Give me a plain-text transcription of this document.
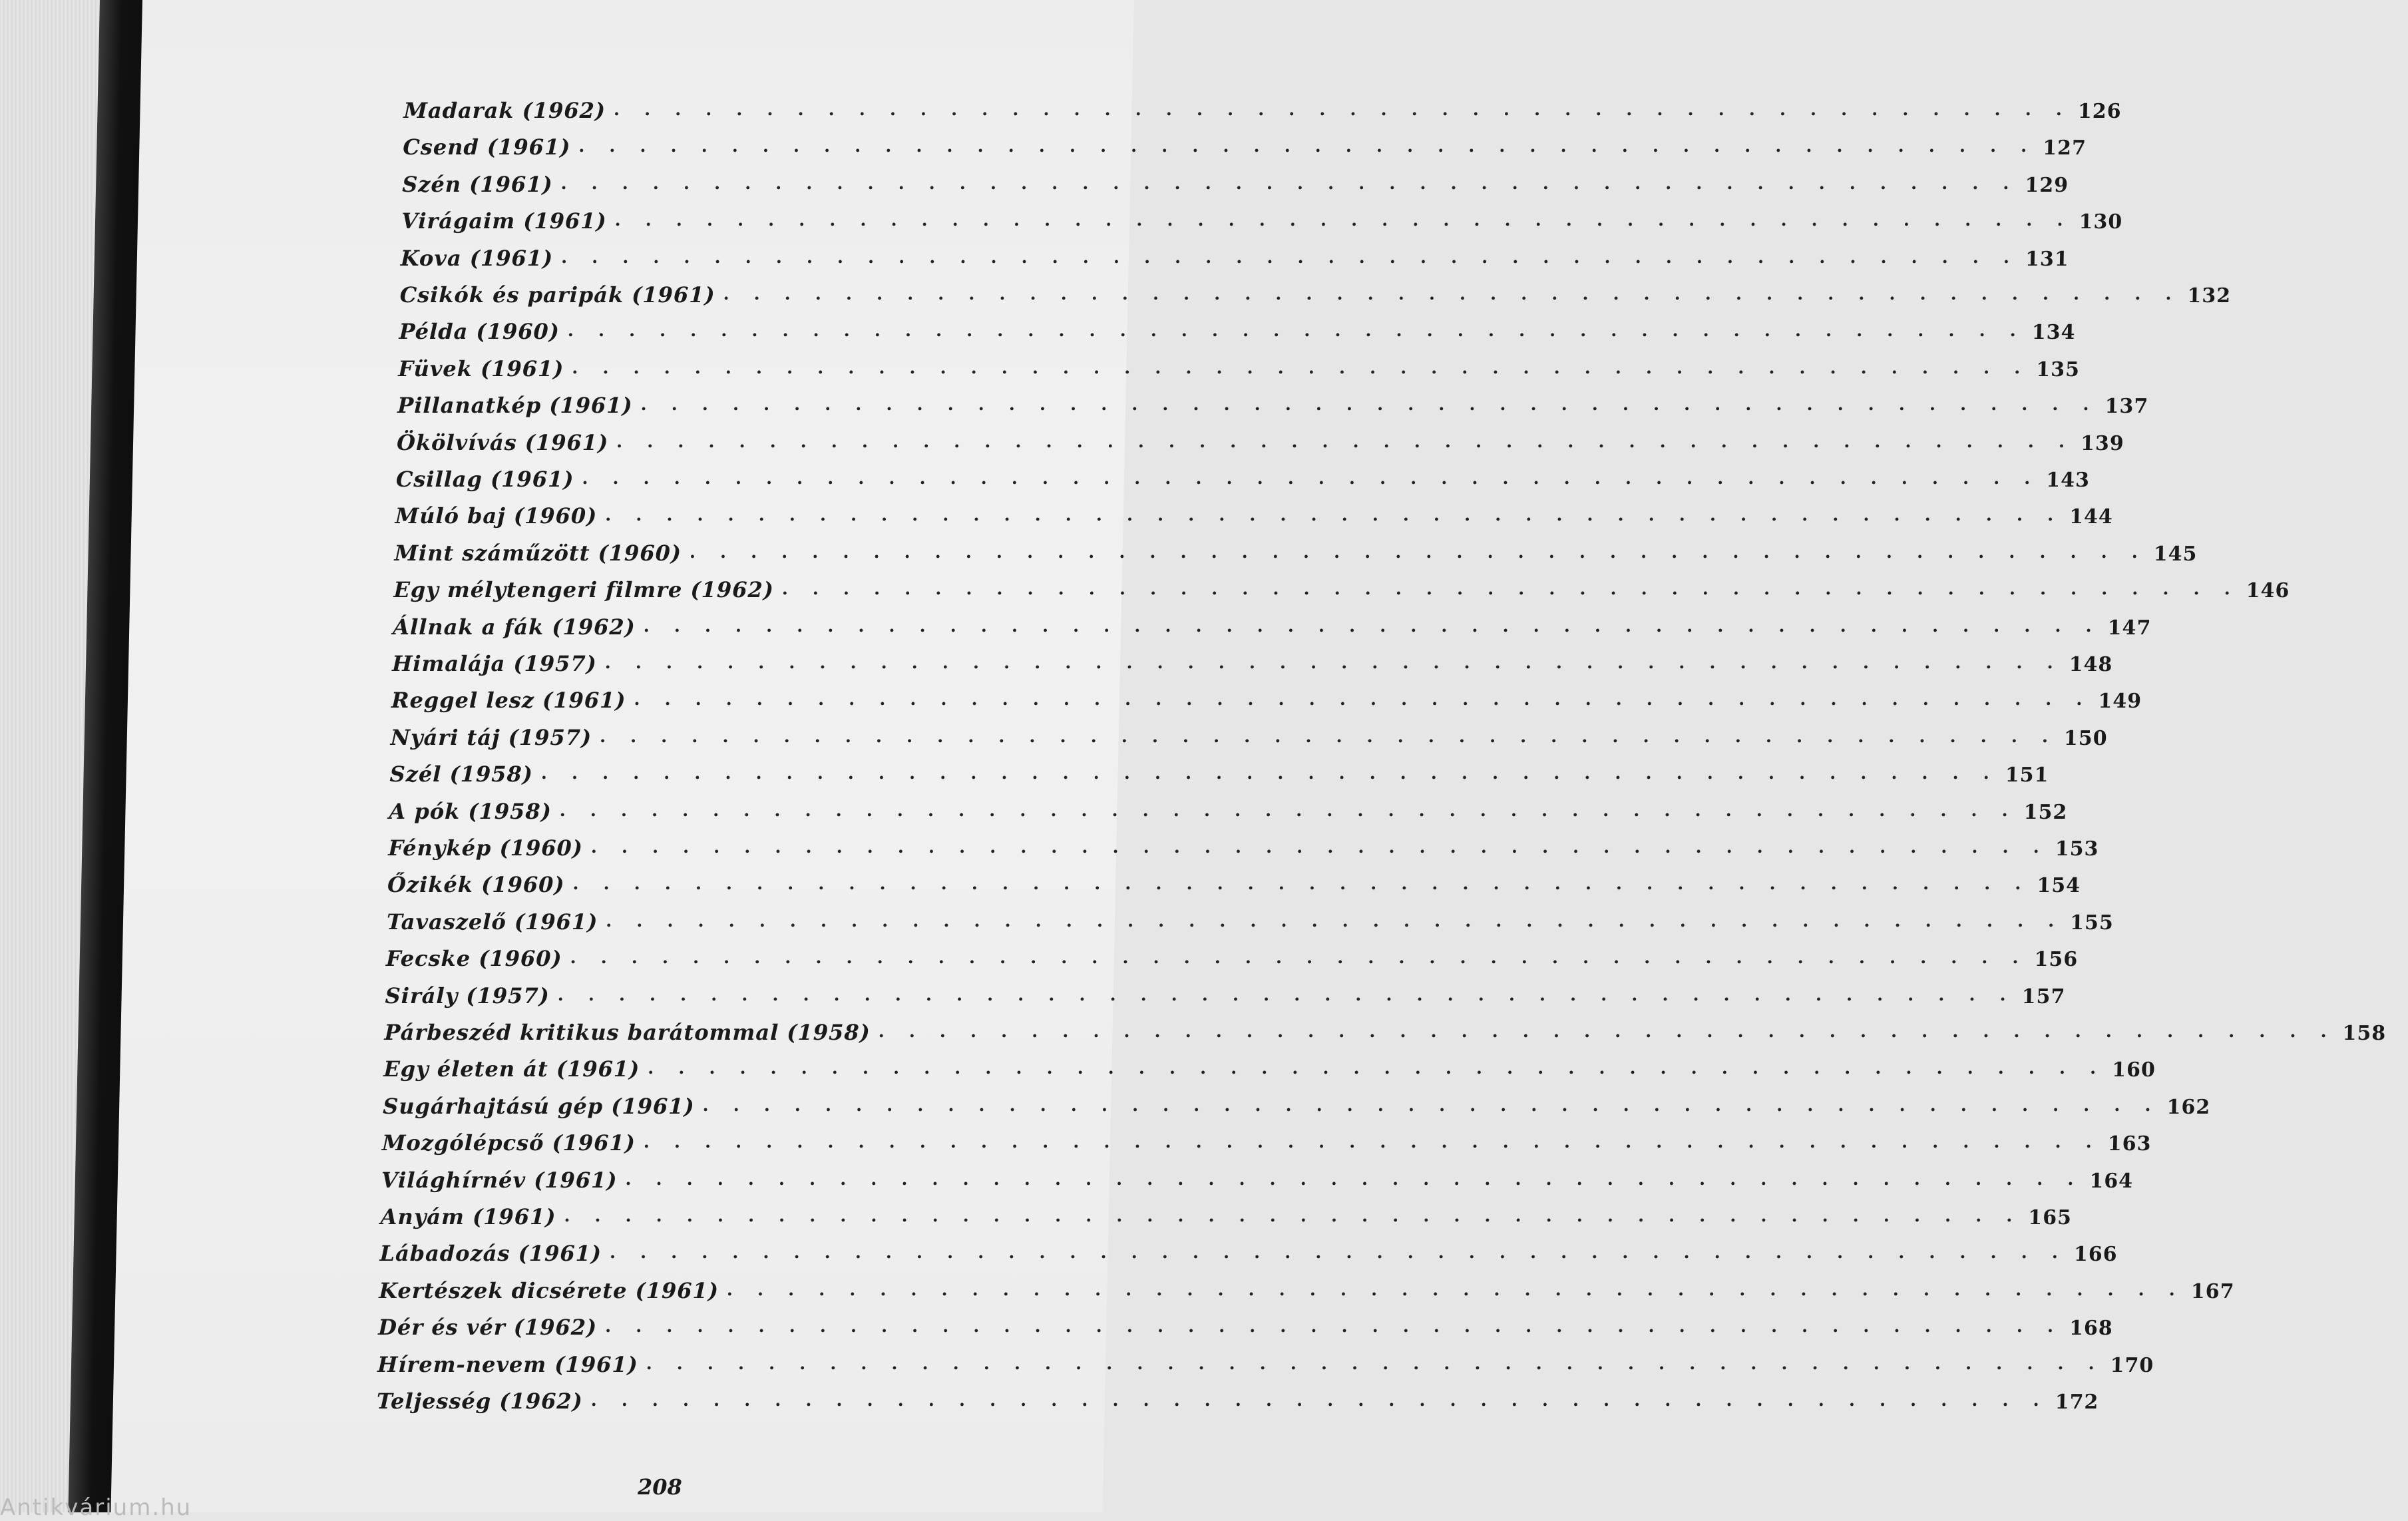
Madarak (1962) . . . . . . . . . . . . . . . . . . . . . . . . . . . . . . . . . . . . . . . . . . . . . . . . 126
Csend (1961) . . . . . . . . . . . . . . . . . . . . . . . . . . . . . . . . . . . . . . . . . . . . . . . . 127
Szén (1961) . . . . . . . . . . . . . . . . . . . . . . . . . . . . . . . . . . . . . . . . . . . . . . . . 129
Virágaim (1961) . . . . . . . . . . . . . . . . . . . . . . . . . . . . . . . . . . . . . . . . . . . . . . . . 130
Kova (1961) . . . . . . . . . . . . . . . . . . . . . . . . . . . . . . . . . . . . . . . . . . . . . . . . 131
Csikók és paripák (1961) . . . . . . . . . . . . . . . . . . . . . . . . . . . . . . . . . . . . . . . . . . . . . . . . 132
Példa (1960) . . . . . . . . . . . . . . . . . . . . . . . . . . . . . . . . . . . . . . . . . . . . . . . . 134
Füvek (1961) . . . . . . . . . . . . . . . . . . . . . . . . . . . . . . . . . . . . . . . . . . . . . . . . 135
Pillanatkép (1961) . . . . . . . . . . . . . . . . . . . . . . . . . . . . . . . . . . . . . . . . . . . . . . . . 137
Ökölvívás (1961) . . . . . . . . . . . . . . . . . . . . . . . . . . . . . . . . . . . . . . . . . . . . . . . . 139
Csillag (1961) . . . . . . . . . . . . . . . . . . . . . . . . . . . . . . . . . . . . . . . . . . . . . . . . 143
Múló baj (1960) . . . . . . . . . . . . . . . . . . . . . . . . . . . . . . . . . . . . . . . . . . . . . . . . 144
Mint száműzött (1960) . . . . . . . . . . . . . . . . . . . . . . . . . . . . . . . . . . . . . . . . . . . . . . . . 145
Egy mélytengeri filmre (1962) . . . . . . . . . . . . . . . . . . . . . . . . . . . . . . . . . . . . . . . . . . . . . . . . 146
Állnak a fák (1962) . . . . . . . . . . . . . . . . . . . . . . . . . . . . . . . . . . . . . . . . . . . . . . . . 147
Himalája (1957) . . . . . . . . . . . . . . . . . . . . . . . . . . . . . . . . . . . . . . . . . . . . . . . . 148
Reggel lesz (1961) . . . . . . . . . . . . . . . . . . . . . . . . . . . . . . . . . . . . . . . . . . . . . . . . 149
Nyári táj (1957) . . . . . . . . . . . . . . . . . . . . . . . . . . . . . . . . . . . . . . . . . . . . . . . . 150
Szél (1958) . . . . . . . . . . . . . . . . . . . . . . . . . . . . . . . . . . . . . . . . . . . . . . . . 151
A pók (1958) . . . . . . . . . . . . . . . . . . . . . . . . . . . . . . . . . . . . . . . . . . . . . . . . 152
Fénykép (1960) . . . . . . . . . . . . . . . . . . . . . . . . . . . . . . . . . . . . . . . . . . . . . . . . 153
Őzikék (1960) . . . . . . . . . . . . . . . . . . . . . . . . . . . . . . . . . . . . . . . . . . . . . . . . 154
Tavaszelő (1961) . . . . . . . . . . . . . . . . . . . . . . . . . . . . . . . . . . . . . . . . . . . . . . . . 155
Fecske (1960) . . . . . . . . . . . . . . . . . . . . . . . . . . . . . . . . . . . . . . . . . . . . . . . . 156
Sirály (1957) . . . . . . . . . . . . . . . . . . . . . . . . . . . . . . . . . . . . . . . . . . . . . . . . 157
Párbeszéd kritikus barátommal (1958) . . . . . . . . . . . . . . . . . . . . . . . . . . . . . . . . . . . . . . . . . . . . . . . . 158
Egy életen át (1961) . . . . . . . . . . . . . . . . . . . . . . . . . . . . . . . . . . . . . . . . . . . . . . . . 160
Sugárhajtású gép (1961) . . . . . . . . . . . . . . . . . . . . . . . . . . . . . . . . . . . . . . . . . . . . . . . . 162
Mozgólépcső (1961) . . . . . . . . . . . . . . . . . . . . . . . . . . . . . . . . . . . . . . . . . . . . . . . . 163
Világhírnév (1961) . . . . . . . . . . . . . . . . . . . . . . . . . . . . . . . . . . . . . . . . . . . . . . . . 164
Anyám (1961) . . . . . . . . . . . . . . . . . . . . . . . . . . . . . . . . . . . . . . . . . . . . . . . . 165
Lábadozás (1961) . . . . . . . . . . . . . . . . . . . . . . . . . . . . . . . . . . . . . . . . . . . . . . . . 166
Kertészek dicsérete (1961) . . . . . . . . . . . . . . . . . . . . . . . . . . . . . . . . . . . . . . . . . . . . . . . . 167
Dér és vér (1962) . . . . . . . . . . . . . . . . . . . . . . . . . . . . . . . . . . . . . . . . . . . . . . . . 168
Hírem-nevem (1961) . . . . . . . . . . . . . . . . . . . . . . . . . . . . . . . . . . . . . . . . . . . . . . . . 170
Teljesség (1962) . . . . . . . . . . . . . . . . . . . . . . . . . . . . . . . . . . . . . . . . . . . . . . . . 172
208
Antikvárium.hu
